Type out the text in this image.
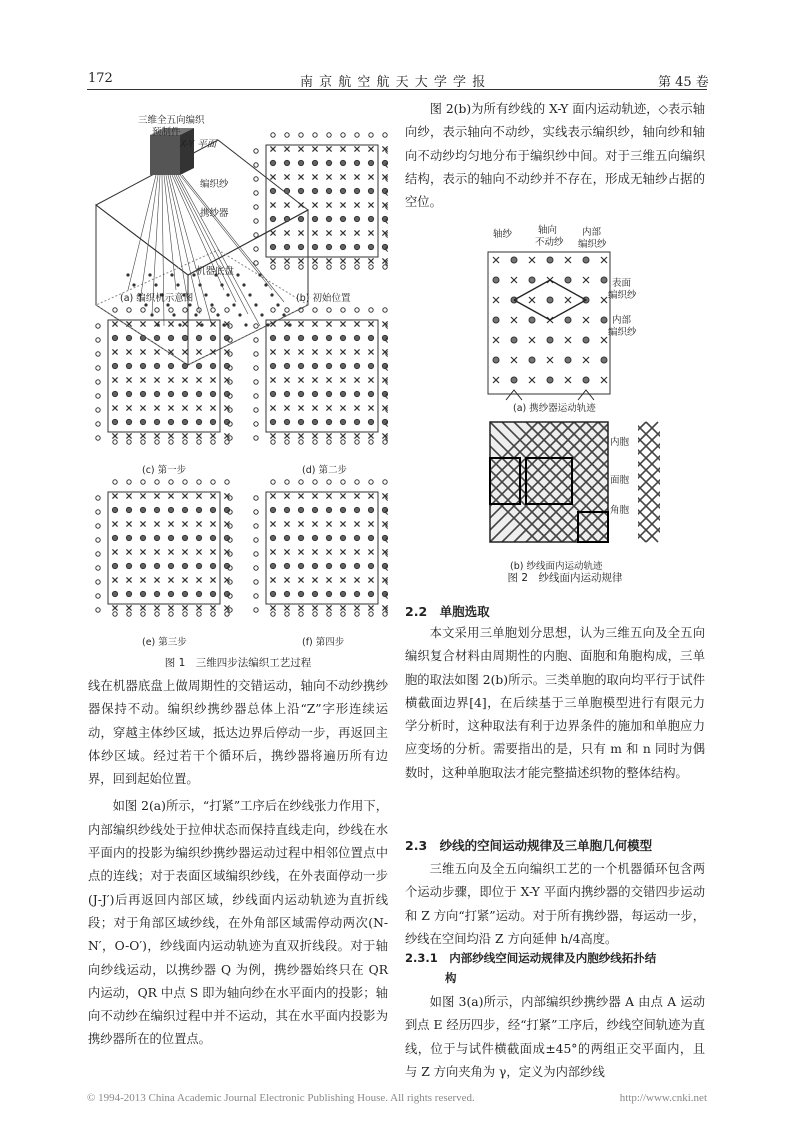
172	南 京 航 空 航 天 大 学 学 报	第 45 卷
三维全五向编织
预制件
X-Y 平面
编织纱
携纱器
机器底盘
(a) 编织机示意图	(b) 初始位置
(c) 第一步	(d) 第二步
(e) 第三步	(f) 第四步
图 1　三维四步法编织工艺过程

线在机器底盘上做周期性的交错运动，轴向不动纱携纱器保持不动。编织纱携纱器总体上沿“Z”字形连续运动，穿越主体纱区域，抵达边界后停动一步，再返回主体纱区域。经过若干个循环后，携纱器将遍历所有边界，回到起始位置。

如图 2(a)所示，“打紧”工序后在纱线张力作用下，内部编织纱线处于拉伸状态而保持直线走向，纱线在水平面内的投影为编织纱携纱器运动过程中相邻位置点中点的连线；对于表面区域编织纱线，在外表面停动一步(J-J′)后再返回内部区域，纱线面内运动轨迹为直折线段；对于角部区域纱线，在外角部区域需停动两次(N-N′，O-O′)，纱线面内运动轨迹为直双折线段。对于轴向纱线运动，以携纱器 Q 为例，携纱器始终只在 QR 内运动，QR 中点 S 即为轴向纱在水平面内的投影；轴向不动纱在编织过程中并不运动，其在水平面内投影为携纱器所在的位置点。

图 2(b)为所有纱线的 X-Y 面内运动轨迹，◇表示轴向纱，表示轴向不动纱，实线表示编织纱，轴向纱和轴向不动纱均匀地分布于编织纱中间。对于三维五向编织结构，表示的轴向不动纱并不存在，形成无轴纱占据的空位。

轴纱	轴向
不动纱
内部
编织纱
表面
编织纱
内部
编织纱
(a) 携纱器运动轨迹
内胞
面胞
角胞
(b) 纱线面内运动轨迹
图 2　纱线面内运动规律
2.2　单胞选取

本文采用三单胞划分思想，认为三维五向及全五向编织复合材料由周期性的内胞、面胞和角胞构成，三单胞的取法如图 2(b)所示。三类单胞的取向均平行于试件横截面边界[4]，在后续基于三单胞模型进行有限元力学分析时，这种取法有利于边界条件的施加和单胞应力应变场的分析。需要指出的是，只有 m 和 n 同时为偶数时，这种单胞取法才能完整描述织物的整体结构。

2.3　纱线的空间运动规律及三单胞几何模型

三维五向及全五向编织工艺的一个机器循环包含两个运动步骤，即位于 X-Y 平面内携纱器的交错四步运动和 Z 方向“打紧”运动。对于所有携纱器，每运动一步，纱线在空间均沿 Z 方向延伸 h/4高度。

2.3.1　内部纱线空间运动规律及内胞纱线拓扑结
构

如图 3(a)所示，内部编织纱携纱器 A 由点 A 运动到点 E 经历四步，经“打紧”工序后，纱线空间轨迹为直线，位于与试件横截面成±45°的两组正交平面内，且与 Z 方向夹角为 γ，定义为内部纱线

© 1994-2013 China Academic Journal Electronic Publishing House. All rights reserved.	http://www.cnki.net
